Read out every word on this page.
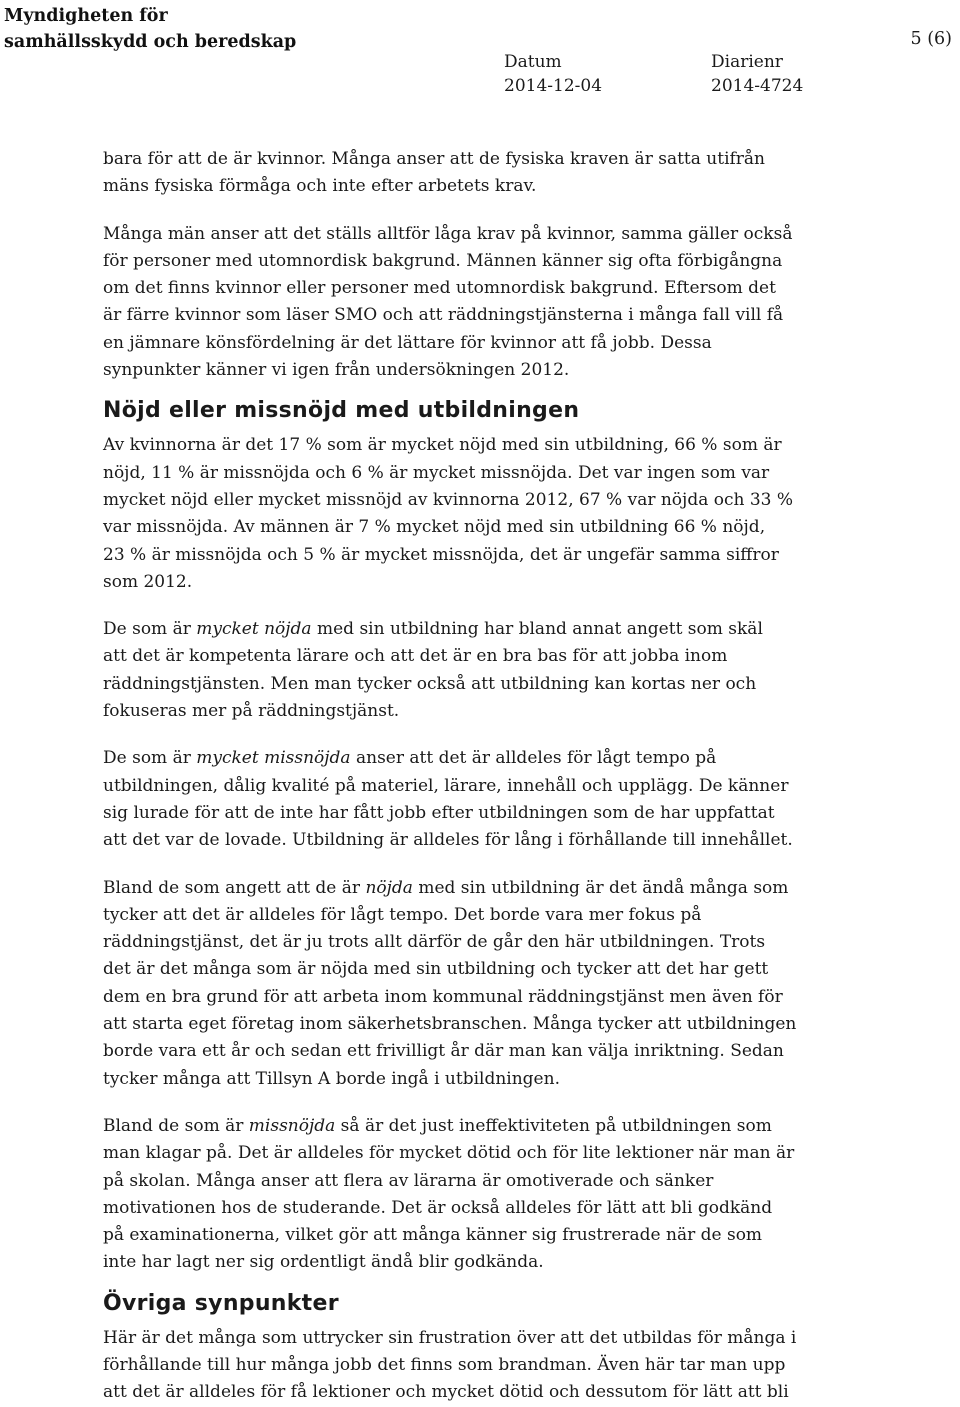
Myndigheten för
samhällsskydd och beredskap	5 (6)
Datum
2014-12-04
Diarienr
2014-4724

bara för att de är kvinnor. Många anser att de fysiska kraven är satta utifrån
mäns fysiska förmåga och inte efter arbetets krav.

Många män anser att det ställs alltför låga krav på kvinnor, samma gäller också
för personer med utomnordisk bakgrund. Männen känner sig ofta förbigångna
om det finns kvinnor eller personer med utomnordisk bakgrund. Eftersom det
är färre kvinnor som läser SMO och att räddningstjänsterna i många fall vill få
en jämnare könsfördelning är det lättare för kvinnor att få jobb. Dessa
synpunkter känner vi igen från undersökningen 2012.

Nöjd eller missnöjd med utbildningen

Av kvinnorna är det 17 % som är mycket nöjd med sin utbildning, 66 % som är
nöjd, 11 % är missnöjda och 6 % är mycket missnöjda. Det var ingen som var
mycket nöjd eller mycket missnöjd av kvinnorna 2012, 67 % var nöjda och 33 %
var missnöjda. Av männen är 7 % mycket nöjd med sin utbildning 66 % nöjd,
23 % är missnöjda och 5 % är mycket missnöjda, det är ungefär samma siffror
som 2012.

De som är mycket nöjda med sin utbildning har bland annat angett som skäl
att det är kompetenta lärare och att det är en bra bas för att jobba inom
räddningstjänsten. Men man tycker också att utbildning kan kortas ner och
fokuseras mer på räddningstjänst.

De som är mycket missnöjda anser att det är alldeles för lågt tempo på
utbildningen, dålig kvalité på materiel, lärare, innehåll och upplägg. De känner
sig lurade för att de inte har fått jobb efter utbildningen som de har uppfattat
att det var de lovade. Utbildning är alldeles för lång i förhållande till innehållet.

Bland de som angett att de är nöjda med sin utbildning är det ändå många som
tycker att det är alldeles för lågt tempo. Det borde vara mer fokus på
räddningstjänst, det är ju trots allt därför de går den här utbildningen. Trots
det är det många som är nöjda med sin utbildning och tycker att det har gett
dem en bra grund för att arbeta inom kommunal räddningstjänst men även för
att starta eget företag inom säkerhetsbranschen. Många tycker att utbildningen
borde vara ett år och sedan ett frivilligt år där man kan välja inriktning. Sedan
tycker många att Tillsyn A borde ingå i utbildningen.

Bland de som är missnöjda så är det just ineffektiviteten på utbildningen som
man klagar på. Det är alldeles för mycket dötid och för lite lektioner när man är
på skolan. Många anser att flera av lärarna är omotiverade och sänker
motivationen hos de studerande. Det är också alldeles för lätt att bli godkänd
på examinationerna, vilket gör att många känner sig frustrerade när de som
inte har lagt ner sig ordentligt ändå blir godkända.

Övriga synpunkter

Här är det många som uttrycker sin frustration över att det utbildas för många i
förhållande till hur många jobb det finns som brandman. Även här tar man upp
att det är alldeles för få lektioner och mycket dötid och dessutom för lätt att bli
